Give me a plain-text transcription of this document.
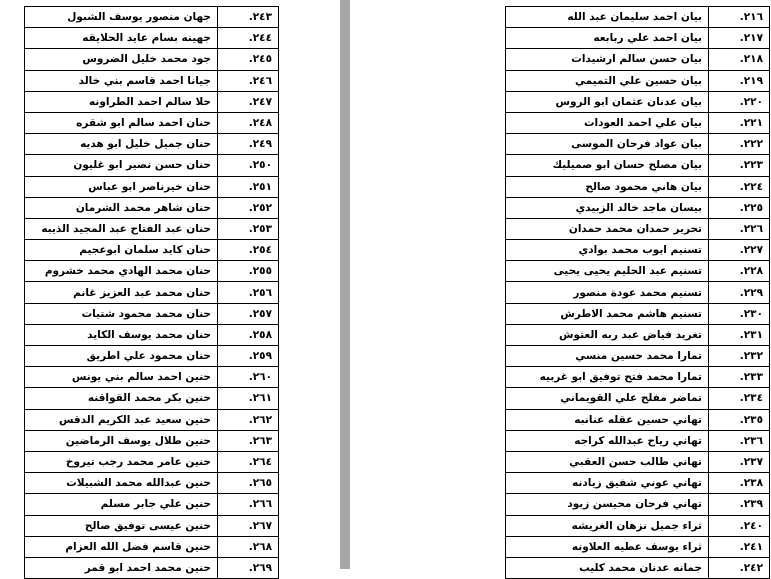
٢٤٣.	جهان منصور يوسف الشبول
٢٤٤.	جهينه بسام عايد الحلايقه
٢٤٥.	جود محمد خليل الضروس
٢٤٦.	جيانا احمد قاسم بني خالد
٢٤٧.	حلا سالم احمد الطراونه
٢٤٨.	حنان احمد سالم ابو شقره
٢٤٩.	حنان جميل خليل ابو هديه
٢٥٠.	حنان حسن نصير ابو غليون
٢٥١.	حنان خيرناصر ابو عباس
٢٥٢.	حنان شاهر محمد الشرمان
٢٥٣.	حنان عبد الفتاح عبد المجيد الذيبه
٢٥٤.	حنان كايد سلمان ابوعجيم
٢٥٥.	حنان محمد الهادي محمد خشروم
٢٥٦.	حنان محمد عبد العزيز غانم
٢٥٧.	حنان محمد محمود شتيات
٢٥٨.	حنان محمد يوسف الكايد
٢٥٩.	حنان محمود علي اطريق
٢٦٠.	حنين احمد سالم بني يونس
٢٦١.	حنين بكر محمد القواقنه
٢٦٢.	حنين سعيد عبد الكريم الدقس
٢٦٣.	حنين طلال يوسف الرماضين
٢٦٤.	حنين عامر محمد رجب تيروخ
٢٦٥.	حنين عبدالله محمد الشبيلات
٢٦٦.	حنين علي جابر مسلم
٢٦٧.	حنين عيسى توفيق صالح
٢٦٨.	حنين قاسم فضل الله العزام
٢٦٩.	حنين محمد احمد ابو قمر
٢١٦.	بيان احمد سليمان عبد الله
٢١٧.	بيان احمد علي ربابعه
٢١٨.	بيان حسن سالم ارشيدات
٢١٩.	بيان حسين علي التميمي
٢٢٠.	بيان عدنان عثمان ابو الروس
٢٢١.	بيان علي احمد العودات
٢٢٢.	بيان عواد فرحان الموسى
٢٢٣.	بيان مصلح حسان ابو صميليك
٢٢٤.	بيان هاني محمود صالح
٢٢٥.	بيسان ماجد خالد الزبيدي
٢٢٦.	تحرير حمدان محمد حمدان
٢٢٧.	تسنيم ايوب محمد بوادي
٢٢٨.	تسنيم عبد الحليم يحيى يحيى
٢٢٩.	تسنيم محمد عودة منصور
٢٣٠.	تسنيم هاشم محمد الاطرش
٢٣١.	تغريد فياض عبد ربه العثوش
٢٣٢.	تمارا محمد حسين منسي
٢٣٣.	تمارا محمد فتح توفيق ابو غربيه
٢٣٤.	تماضر مفلح علي القويماني
٢٣٥.	تهاني حسين عقله عنانبه
٢٣٦.	تهاني رياح عبدالله كراجه
٢٣٧.	تهاني طالب حسن العقبي
٢٣٨.	تهاني عوني شفيق زيادنه
٢٣٩.	تهاني فرحان محيسن زيود
٢٤٠.	ثراء جميل نزهان الغريشه
٢٤١.	ثراء يوسف عطيه العلاونه
٢٤٢.	جمانه عدنان محمد كليب
